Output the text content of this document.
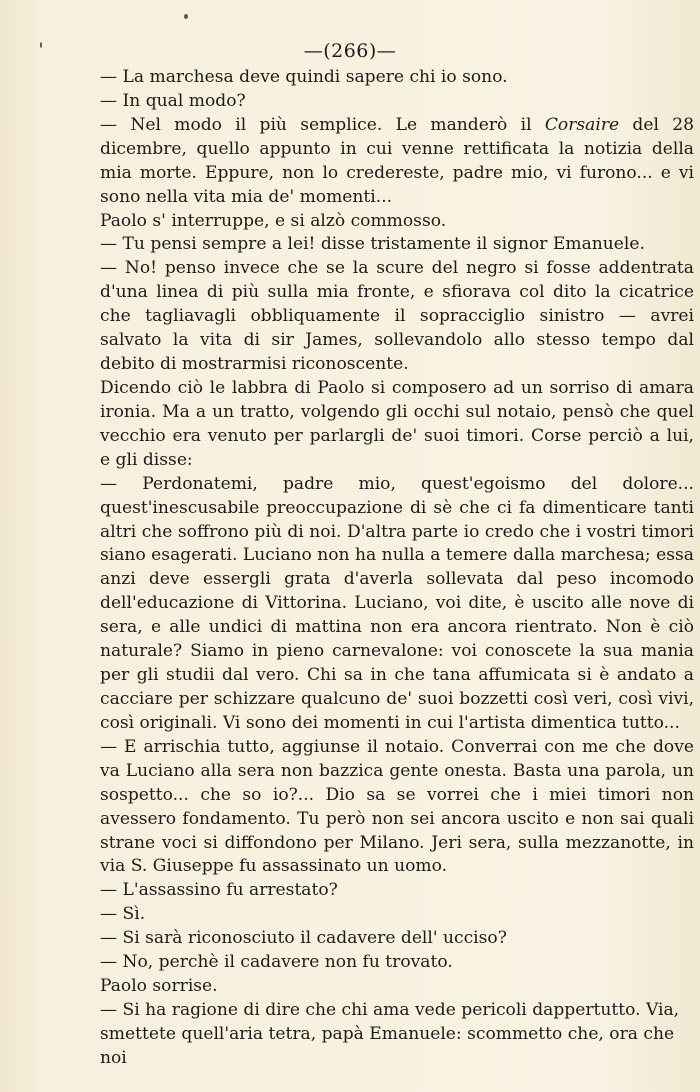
—(266)—

— La marchesa deve quindi sapere chi io sono.

— In qual modo?

— Nel modo il più semplice. Le manderò il Corsaire del 28 dicembre, quello appunto in cui venne rettificata la notizia della mia morte. Eppure, non lo credereste, padre mio, vi furono... e vi sono nella vita mia de' momenti...

Paolo s' interruppe, e si alzò commosso.

— Tu pensi sempre a lei! disse tristamente il signor Emanuele.

— No! penso invece che se la scure del negro si fosse addentrata d'una linea di più sulla mia fronte, e sfiorava col dito la cicatrice che tagliavagli obbliquamente il sopracciglio sinistro — avrei salvato la vita di sir James, sollevandolo allo stesso tempo dal debito di mostrarmisi riconoscente.

Dicendo ciò le labbra di Paolo si composero ad un sorriso di amara ironia. Ma a un tratto, volgendo gli occhi sul notaio, pensò che quel vecchio era venuto per parlargli de' suoi timori. Corse perciò a lui, e gli disse:

— Perdonatemi, padre mio, quest'egoismo del dolore... quest'inescusabile preoccupazione di sè che ci fa dimenticare tanti altri che soffrono più di noi. D'altra parte io credo che i vostri timori siano esagerati. Luciano non ha nulla a temere dalla marchesa; essa anzi deve essergli grata d'averla sollevata dal peso incomodo dell'educazione di Vittorina. Luciano, voi dite, è uscito alle nove di sera, e alle undici di mattina non era ancora rientrato. Non è ciò naturale? Siamo in pieno carnevalone: voi conoscete la sua mania per gli studii dal vero. Chi sa in che tana affumicata si è andato a cacciare per schizzare qualcuno de' suoi bozzetti così veri, così vivi, così originali. Vi sono dei momenti in cui l'artista dimentica tutto...

— E arrischia tutto, aggiunse il notaio. Converrai con me che dove va Luciano alla sera non bazzica gente onesta. Basta una parola, un sospetto... che so io?... Dio sa se vorrei che i miei timori non avessero fondamento. Tu però non sei ancora uscito e non sai quali strane voci si diffondono per Milano. Jeri sera, sulla mezzanotte, in via S. Giuseppe fu assassinato un uomo.

— L'assassino fu arrestato?

— Sì.

— Si sarà riconosciuto il cadavere dell' ucciso?

— No, perchè il cadavere non fu trovato.

Paolo sorrise.

— Si ha ragione di dire che chi ama vede pericoli dappertutto. Via, smettete quell'aria tetra, papà Emanuele: scommetto che, ora che noi
